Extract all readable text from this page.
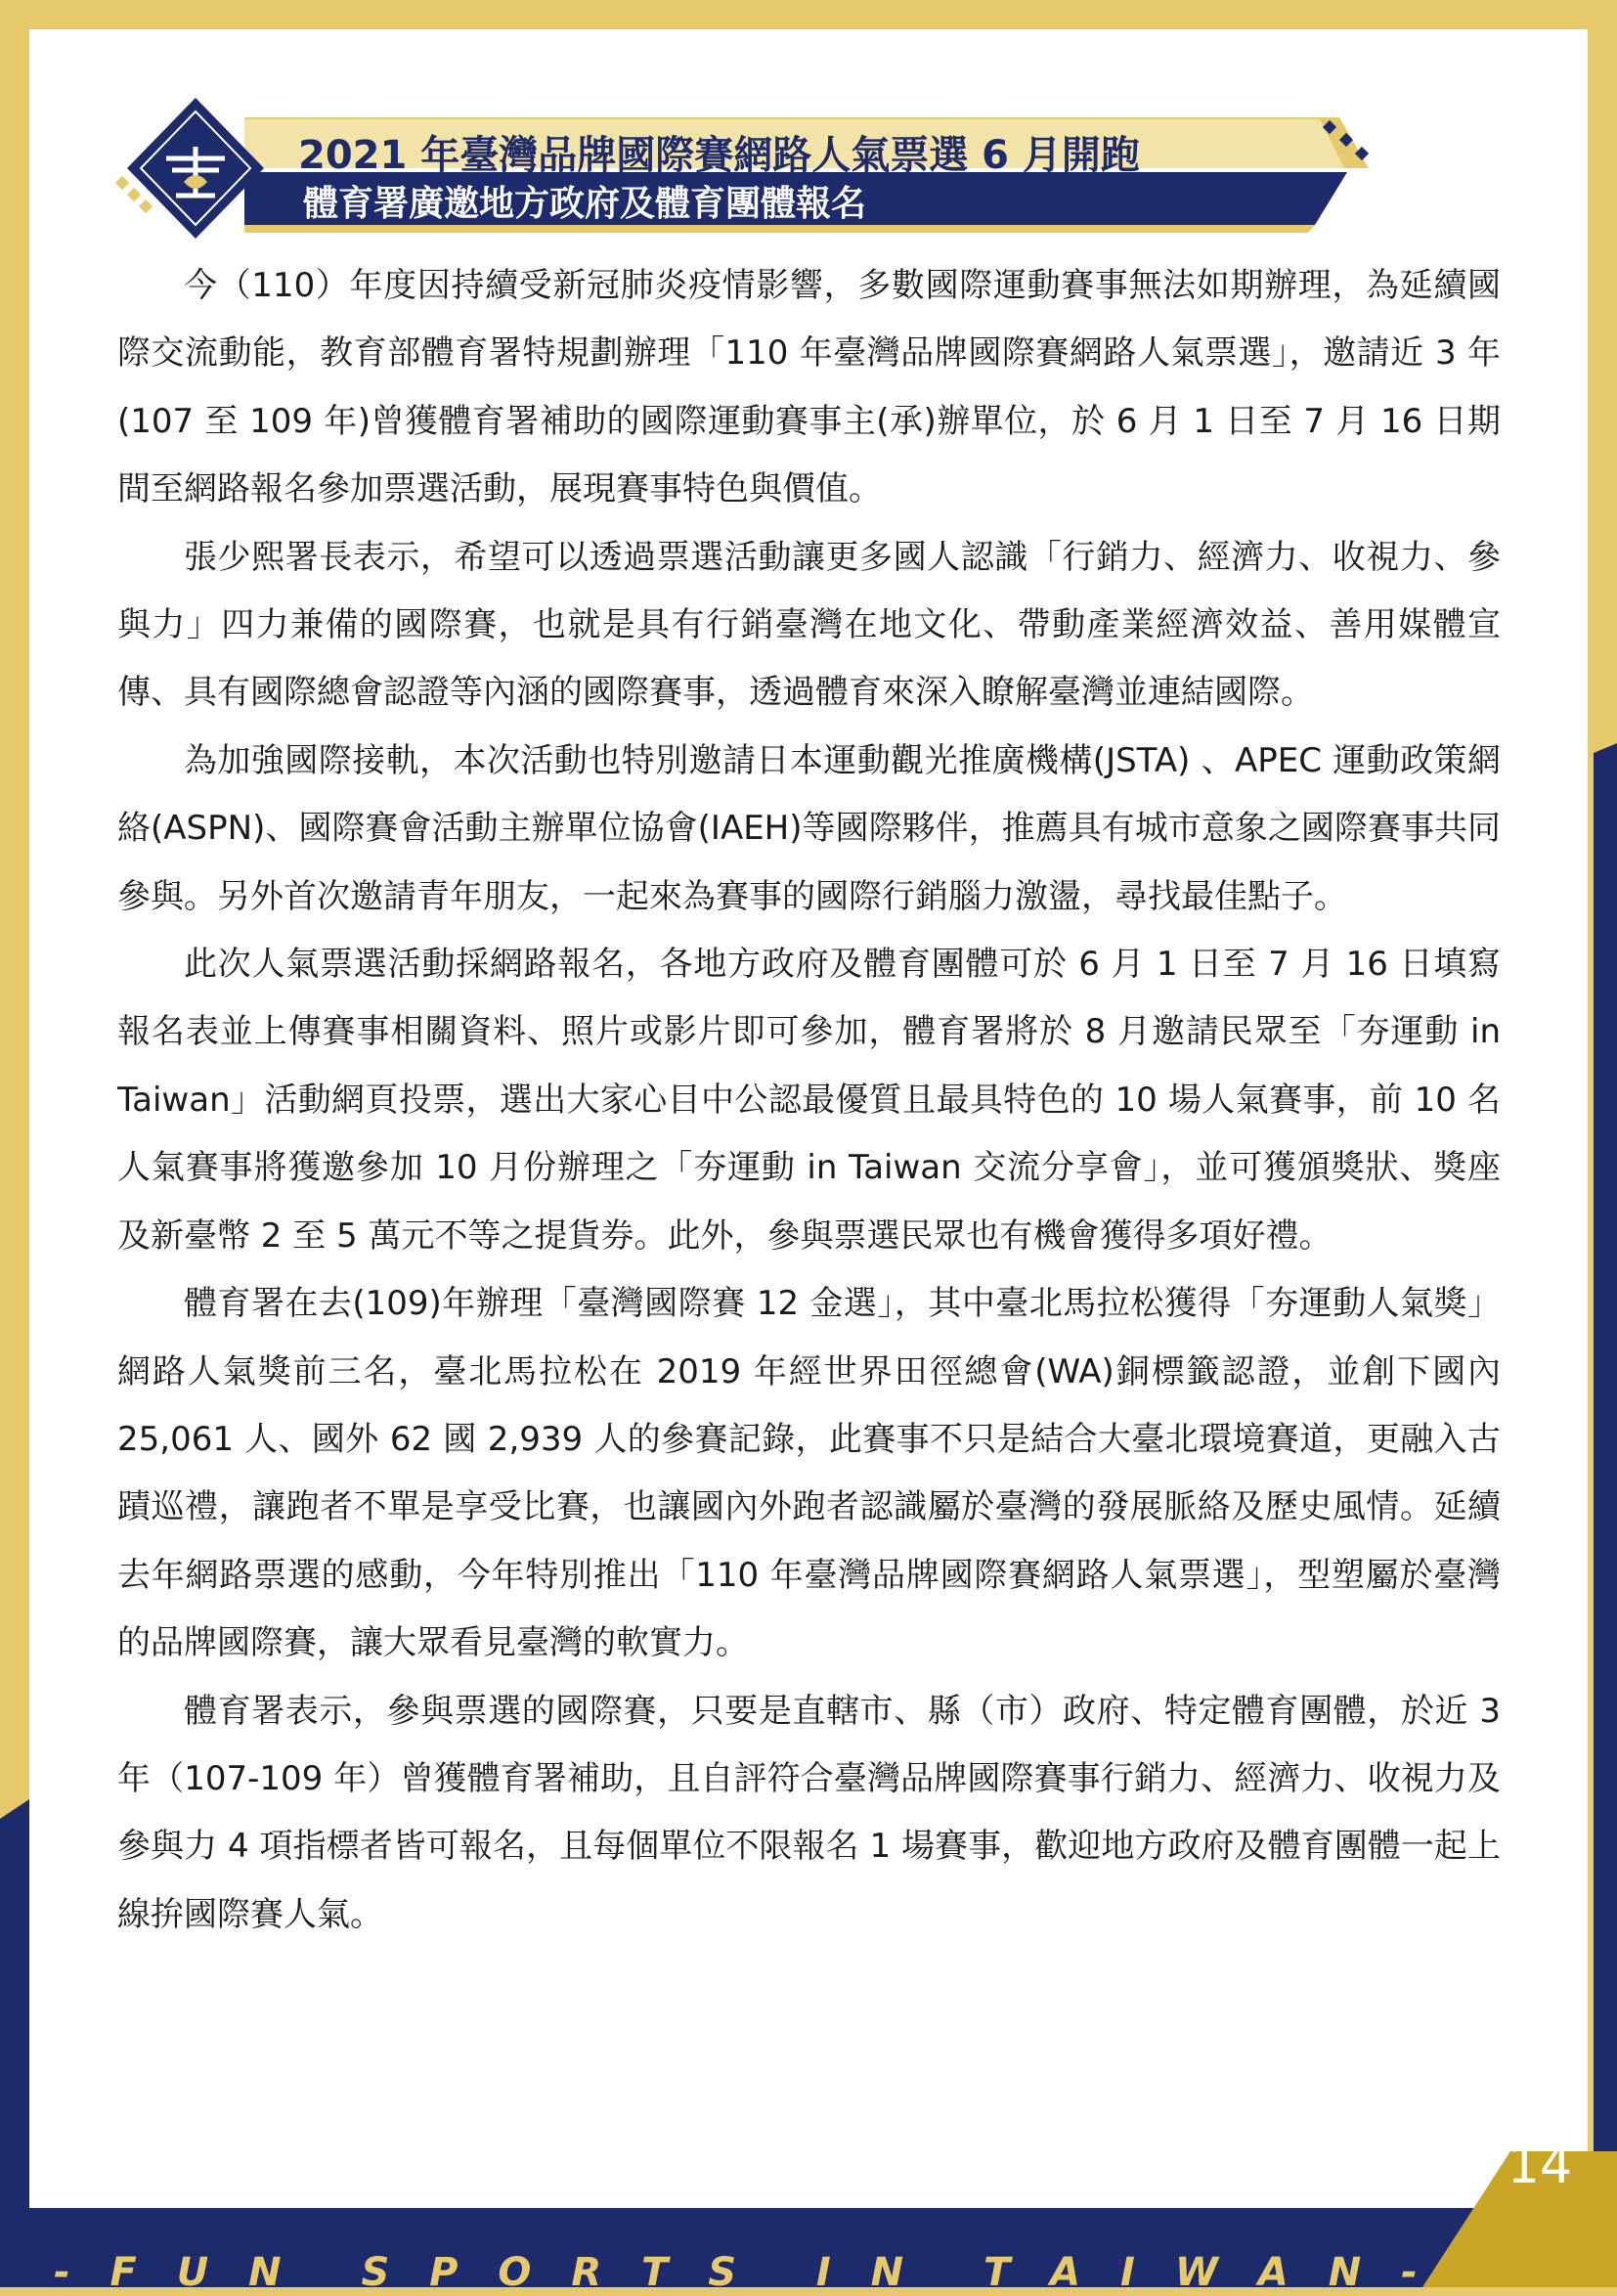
2021 年臺灣品牌國際賽網路人氣票選 6 月開跑
體育署廣邀地方政府及體育團體報名

今（110）年度因持續受新冠肺炎疫情影響，多數國際運動賽事無法如期辦理，為延續國際交流動能，教育部體育署特規劃辦理「110 年臺灣品牌國際賽網路人氣票選」，邀請近 3 年(107 至 109 年)曾獲體育署補助的國際運動賽事主(承)辦單位，於 6 月 1 日至 7 月 16 日期間至網路報名參加票選活動，展現賽事特色與價值。

張少熙署長表示，希望可以透過票選活動讓更多國人認識「行銷力、經濟力、收視力、參與力」四力兼備的國際賽，也就是具有行銷臺灣在地文化、帶動產業經濟效益、善用媒體宣傳、具有國際總會認證等內涵的國際賽事，透過體育來深入瞭解臺灣並連結國際。

為加強國際接軌，本次活動也特別邀請日本運動觀光推廣機構(JSTA) 、APEC 運動政策網絡(ASPN)、國際賽會活動主辦單位協會(IAEH)等國際夥伴，推薦具有城市意象之國際賽事共同參與。另外首次邀請青年朋友，一起來為賽事的國際行銷腦力激盪，尋找最佳點子。

此次人氣票選活動採網路報名，各地方政府及體育團體可於 6 月 1 日至 7 月 16 日填寫報名表並上傳賽事相關資料、照片或影片即可參加，體育署將於 8 月邀請民眾至「夯運動 in Taiwan」活動網頁投票，選出大家心目中公認最優質且最具特色的 10 場人氣賽事，前 10 名人氣賽事將獲邀參加 10 月份辦理之「夯運動 in Taiwan 交流分享會」，並可獲頒獎狀、獎座及新臺幣 2 至 5 萬元不等之提貨券。此外，參與票選民眾也有機會獲得多項好禮。

體育署在去(109)年辦理「臺灣國際賽 12 金選」，其中臺北馬拉松獲得「夯運動人氣獎」網路人氣獎前三名，臺北馬拉松在 2019 年經世界田徑總會(WA)銅標籤認證，並創下國內 25,061 人、國外 62 國 2,939 人的參賽記錄，此賽事不只是結合大臺北環境賽道，更融入古蹟巡禮，讓跑者不單是享受比賽，也讓國內外跑者認識屬於臺灣的發展脈絡及歷史風情。延續去年網路票選的感動，今年特別推出「110 年臺灣品牌國際賽網路人氣票選」，型塑屬於臺灣的品牌國際賽，讓大眾看見臺灣的軟實力。

體育署表示，參與票選的國際賽，只要是直轄市、縣（市）政府、特定體育團體，於近 3 年（107-109 年）曾獲體育署補助，且自評符合臺灣品牌國際賽事行銷力、經濟力、收視力及參與力 4 項指標者皆可報名，且每個單位不限報名 1 場賽事，歡迎地方政府及體育團體一起上線拚國際賽人氣。

- F U N S P O R T S I N T A I W A N -
14
